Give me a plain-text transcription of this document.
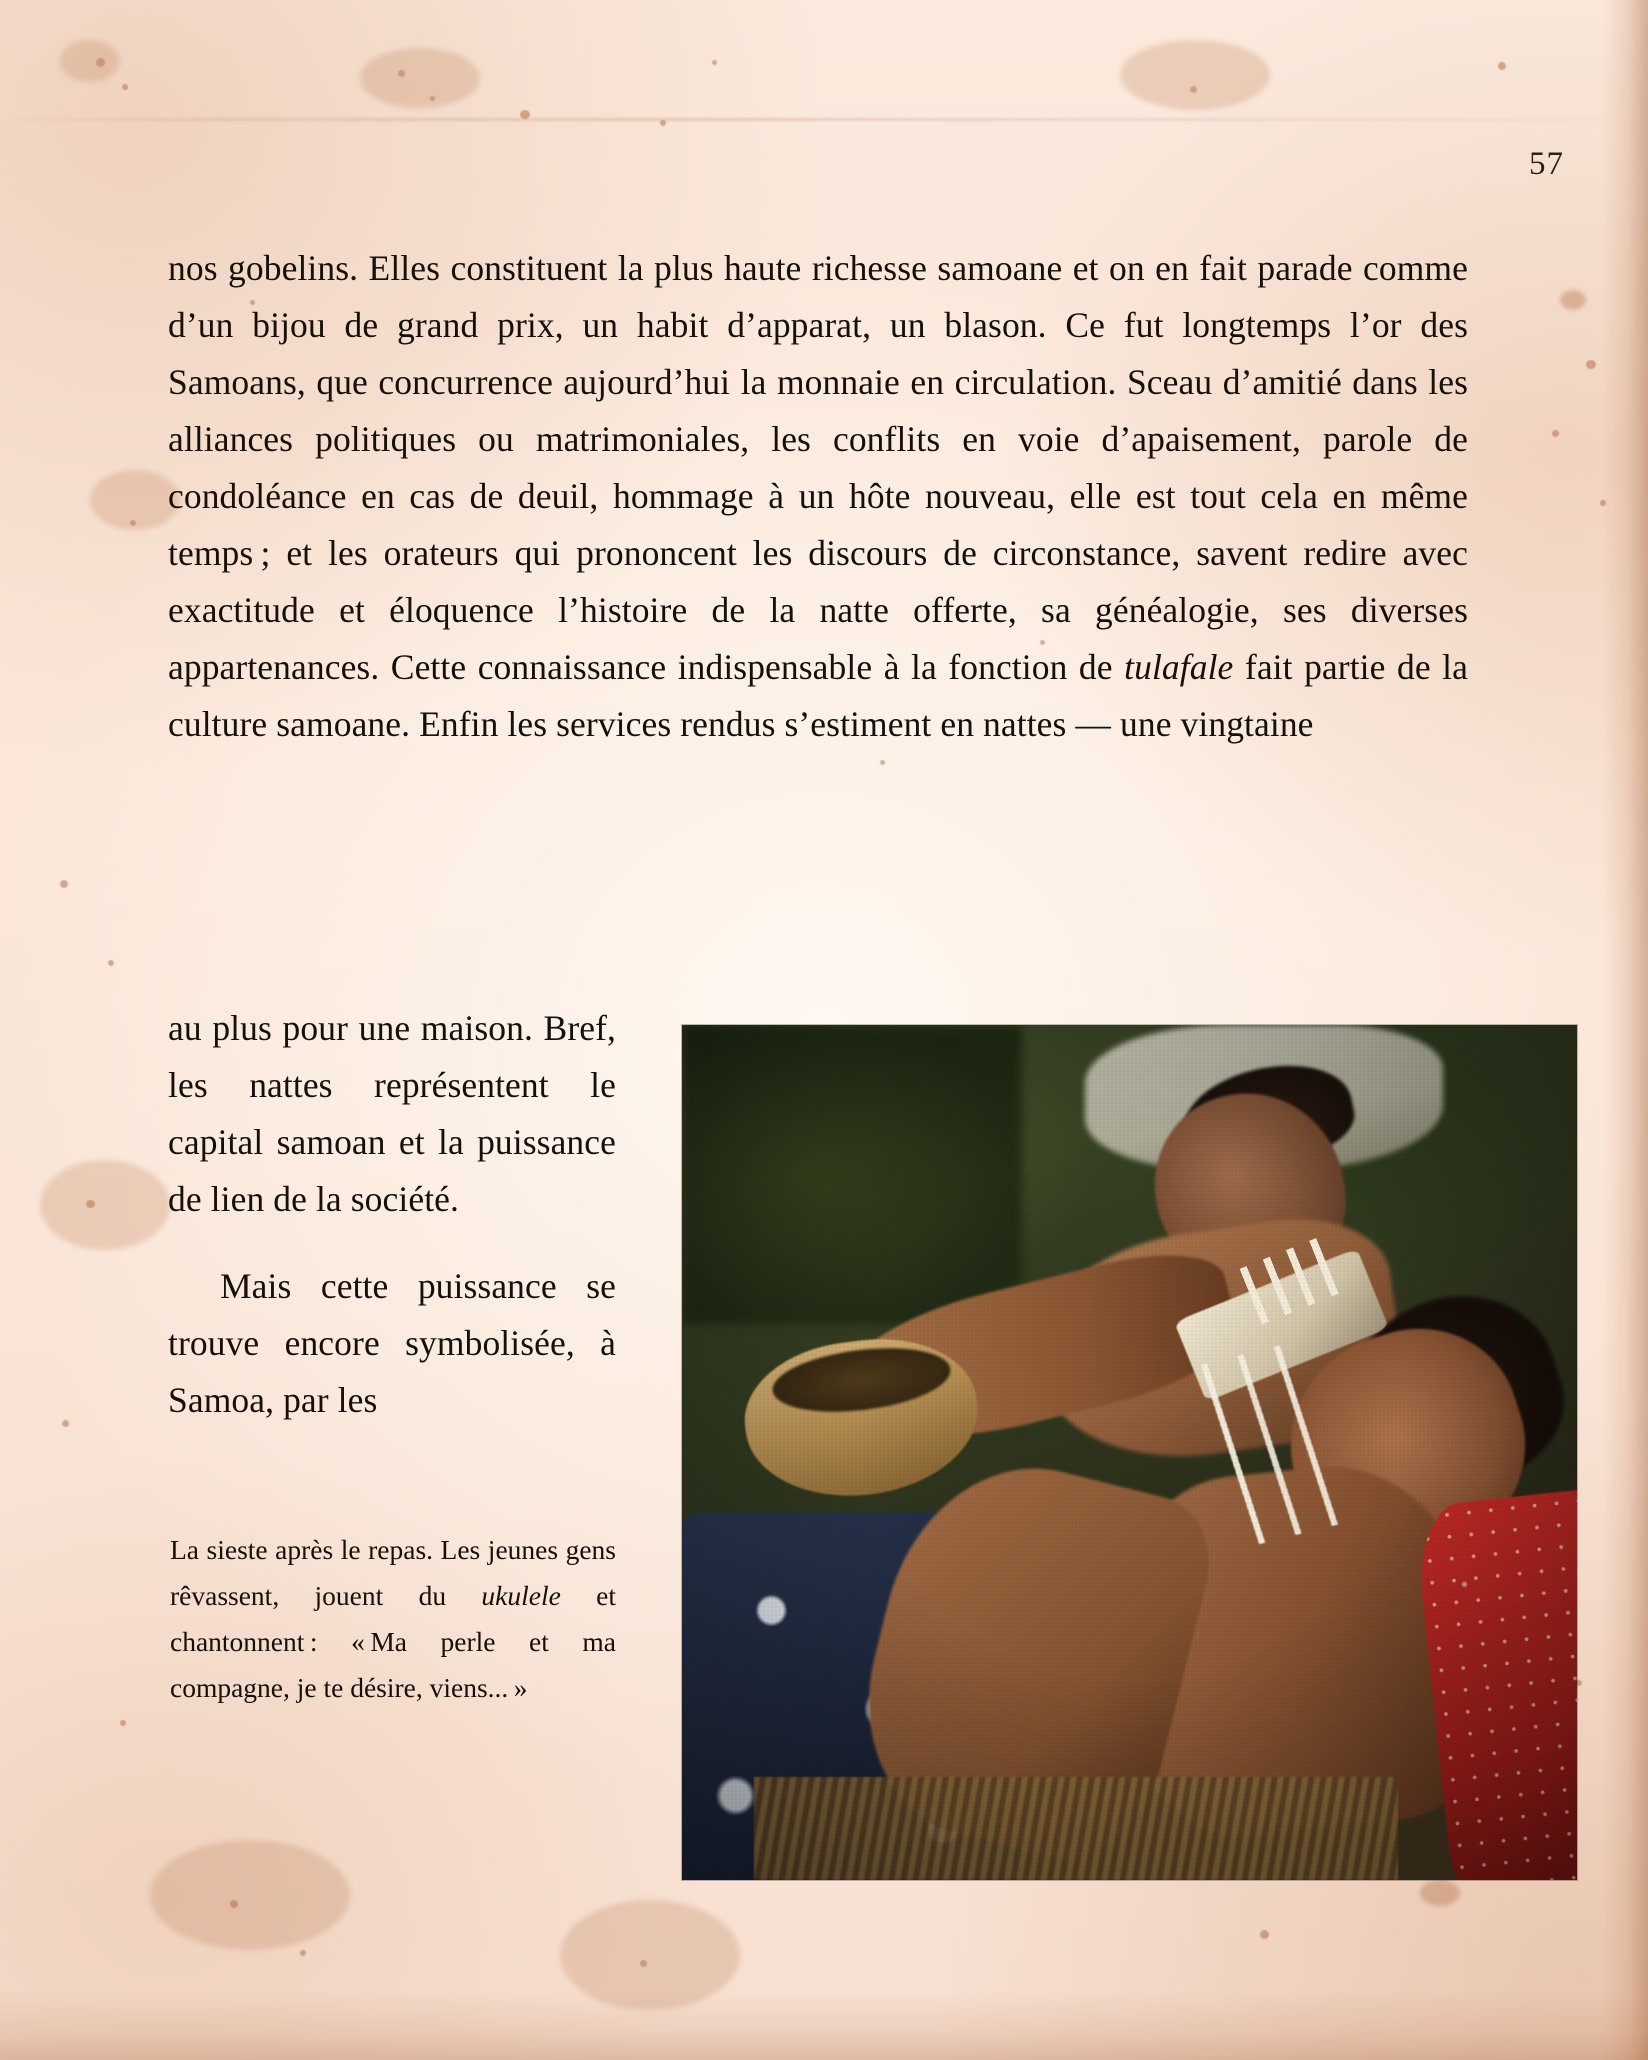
57

nos gobelins. Elles constituent la plus haute richesse samoane et on en fait parade comme d’un bijou de grand prix, un habit d’apparat, un blason. Ce fut longtemps l’or des Samoans, que concurrence aujourd’hui la monnaie en circulation. Sceau d’amitié dans les alliances politiques ou matrimoniales, les conflits en voie d’apaisement, parole de condoléance en cas de deuil, hommage à un hôte nouveau, elle est tout cela en même temps ; et les orateurs qui prononcent les discours de circonstance, savent redire avec exactitude et éloquence l’histoire de la natte offerte, sa généalogie, ses diverses appartenances. Cette connaissance indispensable à la fonction de tulafale fait partie de la culture samoane. Enfin les services rendus s’estiment en nattes — une vingtaine

au plus pour une maison. Bref, les nattes représentent le capital samoan et la puissance de lien de la société.

Mais cette puissance se trouve encore symbolisée, à Samoa, par les

La sieste après le repas. Les jeunes gens rêvassent, jouent du ukulele et chantonnent : « Ma perle et ma compagne, je te désire, viens... »
